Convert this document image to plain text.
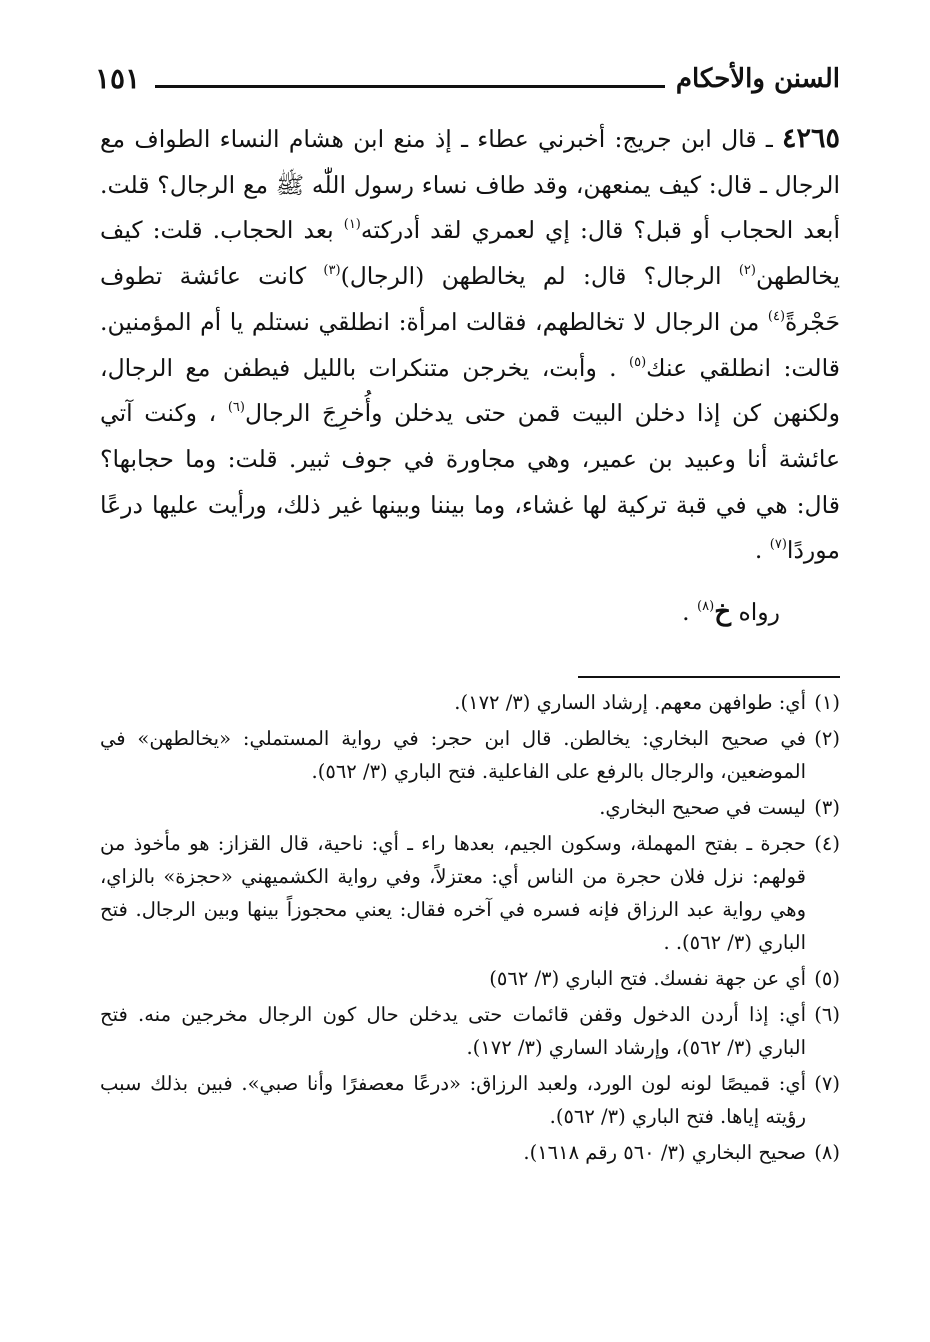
السنن والأحكام
١٥١

٤٢٦٥ ـ قال ابن جريج: أخبرني عطاء ـ إذ منع ابن هشام النساء الطواف مع الرجال ـ قال: كيف يمنعهن، وقد طاف نساء رسول اللّٰه ﷺ مع الرجال؟ قلت. أبعد الحجاب أو قبل؟ قال: إي لعمري لقد أدركته$^{(١)}$ بعد الحجاب. قلت: كيف يخالطهن$^{(٢)}$ الرجال؟ قال: لم يخالطهن (الرجال)$^{(٣)}$ كانت عائشة تطوف حَجْرةً$^{(٤)}$ من الرجال لا تخالطهم، فقالت امرأة: انطلقي نستلم يا أم المؤمنين. قالت: انطلقي عنك$^{(٥)}$ . وأبت، يخرجن متنكرات بالليل فيطفن مع الرجال، ولكنهن كن إذا دخلن البيت قمن حتى يدخلن وأُخرِجَ الرجال$^{(٦)}$ ، وكنت آتي عائشة أنا وعبيد بن عمير، وهي مجاورة في جوف ثبير. قلت: وما حجابها؟ قال: هي في قبة تركية لها غشاء، وما بيننا وبينها غير ذلك، ورأيت عليها درعًا موردًا$^{(٧)}$ .

رواه خ$^{(٨)}$ .
(١)
أي: طوافهن معهم. إرشاد الساري (٣/ ١٧٢).
(٢)
في صحيح البخاري: يخالطن. قال ابن حجر: في رواية المستملي: «يخالطهن» في الموضعين، والرجال بالرفع على الفاعلية. فتح الباري (٣/ ٥٦٢).
(٣)
ليست في صحيح البخاري.
(٤)
حجرة ـ بفتح المهملة، وسكون الجيم، بعدها راء ـ أي: ناحية، قال القزاز: هو مأخوذ من قولهم: نزل فلان حجرة من الناس أي: معتزلاً، وفي رواية الكشميهني «حجزة» بالزاي، وهي رواية عبد الرزاق فإنه فسره في آخره فقال: يعني محجوزاً بينها وبين الرجال. فتح الباري (٣/ ٥٦٢). .
(٥)
أي عن جهة نفسك. فتح الباري (٣/ ٥٦٢)
(٦)
أي: إذا أردن الدخول وقفن قائمات حتى يدخلن حال كون الرجال مخرجين منه. فتح الباري (٣/ ٥٦٢)، وإرشاد الساري (٣/ ١٧٢).
(٧)
أي: قميصًا لونه لون الورد، ولعبد الرزاق: «درعًا معصفرًا وأنا صبي». فبين بذلك سبب رؤيته إياها. فتح الباري (٣/ ٥٦٢).
(٨)
صحيح البخاري (٣/ ٥٦٠ رقم ١٦١٨).
